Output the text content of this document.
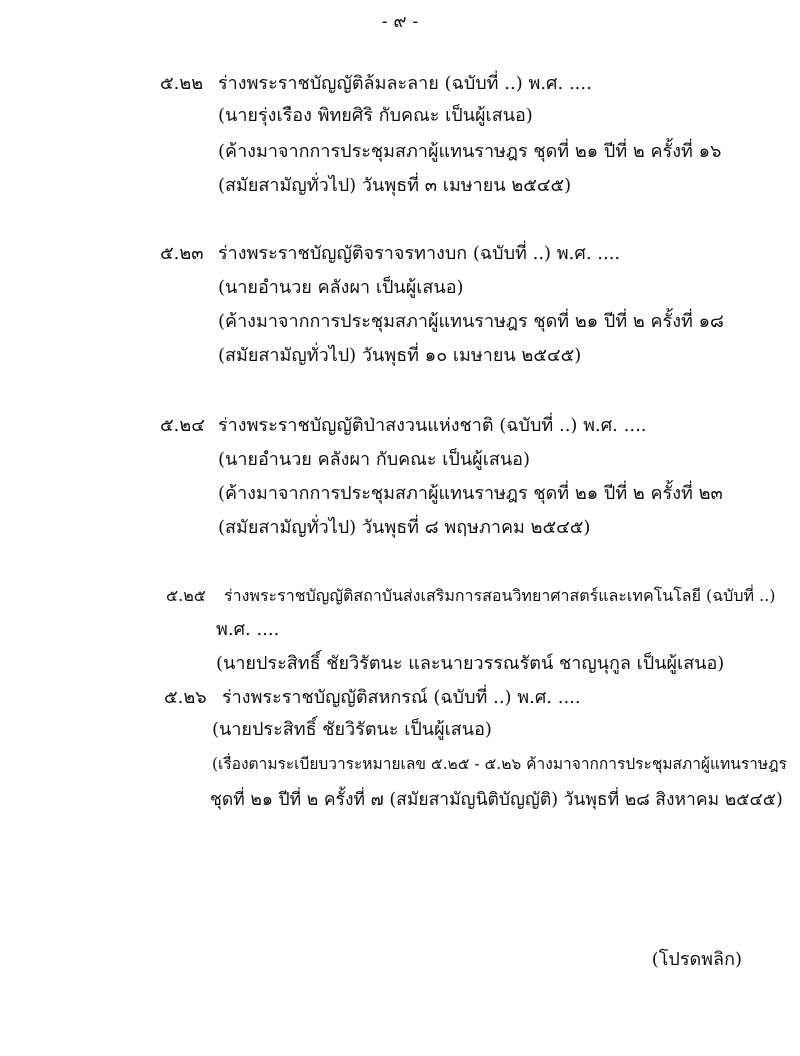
- ๙ -
๕.๒๒ ร่างพระราชบัญญัติล้มละลาย (ฉบับที่ ..) พ.ศ. ....
(นายรุ่งเรือง พิทยศิริ กับคณะ เป็นผู้เสนอ)
(ค้างมาจากการประชุมสภาผู้แทนราษฎร ชุดที่ ๒๑ ปีที่ ๒ ครั้งที่ ๑๖
(สมัยสามัญทั่วไป) วันพุธที่ ๓ เมษายน ๒๕๔๕)
๕.๒๓ ร่างพระราชบัญญัติจราจรทางบก (ฉบับที่ ..) พ.ศ. ....
(นายอำนวย คลังผา เป็นผู้เสนอ)
(ค้างมาจากการประชุมสภาผู้แทนราษฎร ชุดที่ ๒๑ ปีที่ ๒ ครั้งที่ ๑๘
(สมัยสามัญทั่วไป) วันพุธที่ ๑๐ เมษายน ๒๕๔๕)
๕.๒๔ ร่างพระราชบัญญัติป่าสงวนแห่งชาติ (ฉบับที่ ..) พ.ศ. ....
(นายอำนวย คลังผา กับคณะ เป็นผู้เสนอ)
(ค้างมาจากการประชุมสภาผู้แทนราษฎร ชุดที่ ๒๑ ปีที่ ๒ ครั้งที่ ๒๓
(สมัยสามัญทั่วไป) วันพุธที่ ๘ พฤษภาคม ๒๕๔๕)
๕.๒๕ ร่างพระราชบัญญัติสถาบันส่งเสริมการสอนวิทยาศาสตร์และเทคโนโลยี (ฉบับที่ ..)
พ.ศ. ....
(นายประสิทธิ์ ชัยวิรัตนะ และนายวรรณรัตน์ ชาญนุกูล เป็นผู้เสนอ)
๕.๒๖ ร่างพระราชบัญญัติสหกรณ์ (ฉบับที่ ..) พ.ศ. ....
(นายประสิทธิ์ ชัยวิรัตนะ เป็นผู้เสนอ)
(เรื่องตามระเบียบวาระหมายเลข ๕.๒๕ - ๕.๒๖ ค้างมาจากการประชุมสภาผู้แทนราษฎร
ชุดที่ ๒๑ ปีที่ ๒ ครั้งที่ ๗ (สมัยสามัญนิติบัญญัติ) วันพุธที่ ๒๘ สิงหาคม ๒๕๔๕)
(โปรดพลิก)
